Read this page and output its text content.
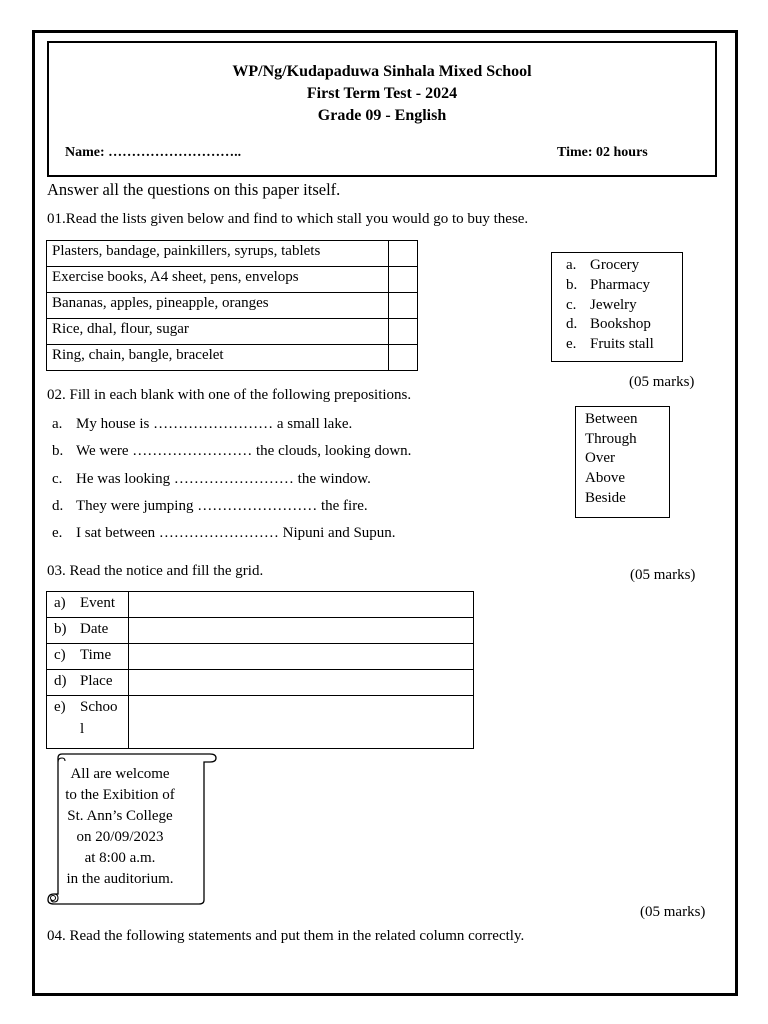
WP/Ng/Kudapaduwa Sinhala Mixed School
First Term Test - 2024
Grade 09 - English
Name: ………………………..	Time: 02 hours
Answer all the questions on this paper itself.
01.Read the lists given below and find to which stall you would go to buy these.
Plasters, bandage, painkillers, syrups, tablets	
Exercise books, A4 sheet, pens, envelops	
Bananas, apples, pineapple, oranges	
Rice, dhal, flour, sugar	
Ring, chain, bangle, bracelet	
a. Grocery
b. Pharmacy
c. Jewelry
d. Bookshop
e. Fruits stall
(05 marks)
02. Fill in each blank with one of the following prepositions.
a. My house is …………………… a small lake.
b. We were …………………… the clouds, looking down.
c. He was looking …………………… the window.
d. They were jumping …………………… the fire.
e. I sat between …………………… Nipuni and Supun.
Between
Through
Over
Above
Beside
03. Read the notice and fill the grid.	(05 marks)
a) Event	
b) Date	
c) Time	
d) Place	
e) Schoo
l	
All are welcome
to the Exibition of
St. Ann’s College
on 20/09/2023
at 8:00 a.m.
in the auditorium.
(05 marks)
04. Read the following statements and put them in the related column correctly.
